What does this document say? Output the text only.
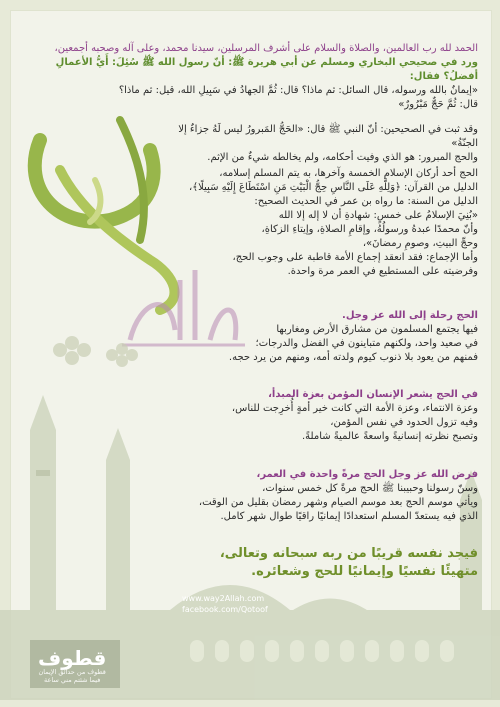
الحمد لله رب العالمين، والصلاة والسلام على أشرف المرسلين، سيدنا محمد، وعلى آله وصحبه أجمعين،

ورد في صحيحي البخاري ومسلم عن أبي هريرة ﷺ: أنّ رسول الله ﷺ سُئِلَ: أَيُّ الأعمالِ أفضلُ؟ فقال:

«إيمانٌ بالله ورسوله، قال السائل: ثم ماذا؟ قال: ثُمَّ الجهادُ في سَبِيلِ الله، قيل: ثم ماذا؟

قال: ثُمَّ حَجٌّ مَبْرُورٌ»

وقد ثبت في الصحيحين: أنّ النبي ﷺ قال: «الحَجُّ المَبرورُ ليس لَهُ جزاءٌ إلا الجنّةُ»

والحج المبرور: هو الذي وفيت أحكامه، ولم يخالطه شيءٌ من الإثم.

الحج أحد أركان الإسلام الخمسة وآخرها، به يتم المسلم إسلامه،

الدليل من القرآن: ﴿وَلِلَّهِ عَلَى النَّاسِ حِجُّ الْبَيْتِ مَنِ اسْتَطَاعَ إِلَيْهِ سَبِيلًا﴾،

الدليل من السنة: ما رواه بن عمر في الحديث الصحيح:

«بُنِيَ الإسلامُ على خمسٍ: شهادةِ أن لا إله إلا الله

وأنّ محمدًا عبدهُ ورسولُهُ، وإقامِ الصلاةِ، وإيتاءِ الزكاةِ،

وحجِّ البيتِ، وصومِ رمضانَ»،

وأما الإجماع: فقد انعقد إجماع الأمة قاطبة على وجوب الحج،

وفرضيته على المستطيع في العمر مرة واحدة.

الحج رحلة إلى الله عز وجل.

فيها يجتمع المسلمون من مشارق الأرض ومغاربها

في صعيد واحد، ولكنهم متباينون في الفضل والدرجات؛

فمنهم من يعود بلا ذنوب كيوم ولدته أمه، ومنهم من يرد حجه.

في الحج يشعر الإنسان المؤمن بعزة المبدأ،

وعزة الانتماء، وعزة الأمة التي كانت خير أمةٍ أُخرِجت للناس،

وفيه تزول الحدود في نفس المؤمن،

وتصبح نظرته إنسانيةً واسعةً عالميةً شاملةً.

فرض الله عز وجل الحج مرةً واحدة في العمر،

وسنّ رسولنا وحبيبنا ﷺ الحج مرةً كل خمس سنوات،

ويأتي موسم الحج بعد موسم الصيام وشهر رمضان بقليل من الوقت،

الذي فيه يستعدّ المسلم استعدادًا إيمانيًا راقيًا طوال شهر كامل.

فيجد نفسه قريبًا من ربه سبحانه وتعالى،

متهيئًا نفسيًا وإيمانيًا للحج وشعائره.

www.way2Allah.com
facebook.com/Qotoof
قطوف
قطوف من حدائق الإيمان
فيما شئتم مني ساعة
